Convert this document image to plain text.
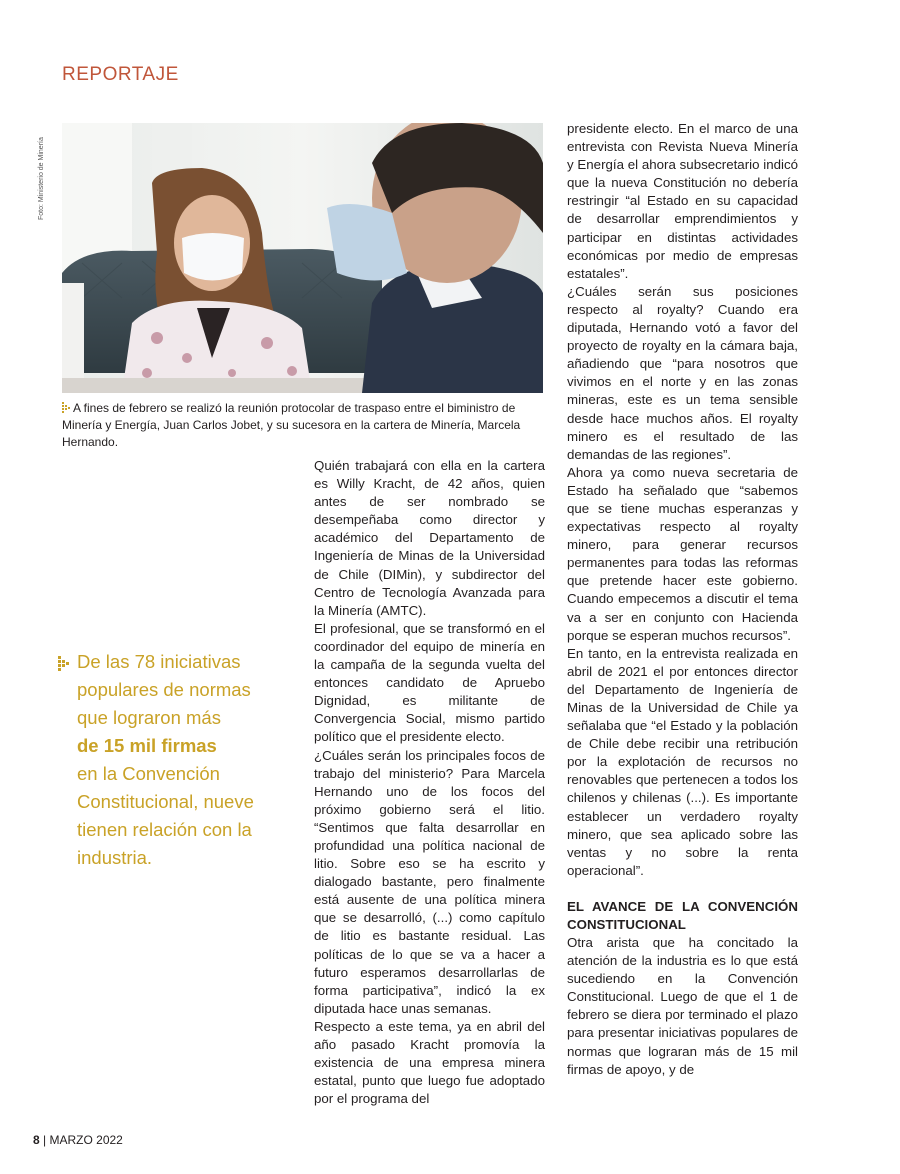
REPORTAJE
Foto: Ministerio de Minería
A fines de febrero se realizó la reunión protocolar de traspaso entre el biministro de Minería y Energía, Juan Carlos Jobet, y su sucesora en la cartera de Minería, Marcela Hernando.
De las 78 iniciativas
populares de normas
que lograron más
de 15 mil firmas
en la Convención
Constitucional, nueve
tienen relación con la
industria.

Quién trabajará con ella en la cartera es Willy Kracht, de 42 años, quien antes de ser nombrado se desempeñaba como director y académico del Departamento de Ingeniería de Minas de la Universidad de Chile (DIMin), y subdirector del Centro de Tecnología Avanzada para la Minería (AMTC).

El profesional, que se transformó en el coordinador del equipo de minería en la campaña de la segunda vuelta del entonces candidato de Apruebo Dignidad, es militante de Convergencia Social, mismo partido político que el presidente electo.

¿Cuáles serán los principales focos de trabajo del ministerio? Para Marcela Hernando uno de los focos del próximo gobierno será el litio. “Sentimos que falta desarrollar en profundidad una política nacional de litio. Sobre eso se ha escrito y dialogado bastante, pero finalmente está ausente de una política minera que se desarrolló, (...) como capítulo de litio es bastante residual. Las políticas de lo que se va a hacer a futuro esperamos desarrollarlas de forma participativa”, indicó la ex diputada hace unas semanas.

Respecto a este tema, ya en abril del año pasado Kracht promovía la existencia de una empresa minera estatal, punto que luego fue adoptado por el programa del

presidente electo. En el marco de una entrevista con Revista Nueva Minería y Energía el ahora subsecretario indicó que la nueva Constitución no debería restringir “al Estado en su capacidad de desarrollar emprendimientos y participar en distintas actividades económicas por medio de empresas estatales”.

¿Cuáles serán sus posiciones respecto al royalty? Cuando era diputada, Hernando votó a favor del proyecto de royalty en la cámara baja, añadiendo que “para nosotros que vivimos en el norte y en las zonas mineras, este es un tema sensible desde hace muchos años. El royalty minero es el resultado de las demandas de las regiones”.

Ahora ya como nueva secretaria de Estado ha señalado que “sabemos que se tiene muchas esperanzas y expectativas respecto al royalty minero, para generar recursos permanentes para todas las reformas que pretende hacer este gobierno. Cuando empecemos a discutir el tema va a ser en conjunto con Hacienda porque se esperan muchos recursos”.

En tanto, en la entrevista realizada en abril de 2021 el por entonces director del Departamento de Ingeniería de Minas de la Universidad de Chile ya señalaba que “el Estado y la población de Chile debe recibir una retribución por la explotación de recursos no renovables que pertenecen a todos los chilenos y chilenas (...). Es importante establecer un verdadero royalty minero, que sea aplicado sobre las ventas y no sobre la renta operacional”.

EL AVANCE DE LA CONVENCIÓN CONSTITUCIONAL

Otra arista que ha concitado la atención de la industria es lo que está sucediendo en la Convención Constitucional. Luego de que el 1 de febrero se diera por terminado el plazo para presentar iniciativas populares de normas que lograran más de 15 mil firmas de apoyo, y de

8 | MARZO 2022
